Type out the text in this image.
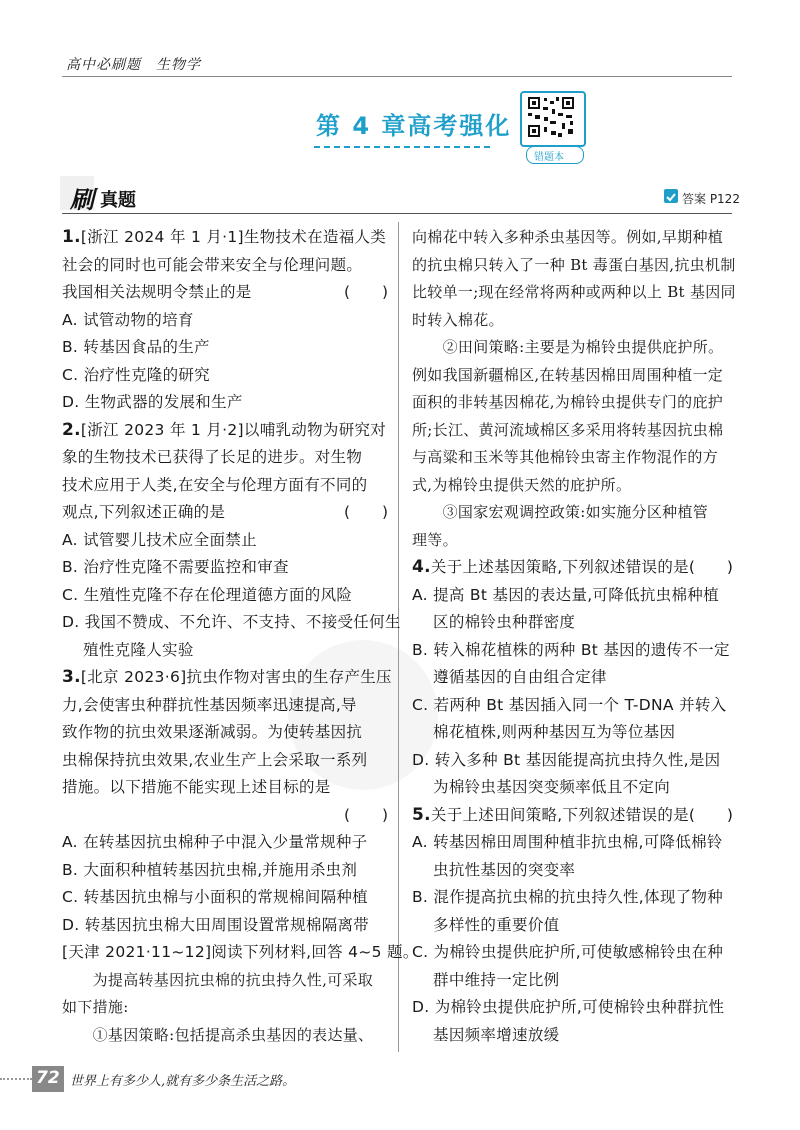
高中必刷题　生物学
第 4 章高考强化
错题本
刷 真题	答案 P122
1.[浙江 2024 年 1 月·1]生物技术在造福人类
社会的同时也可能会带来安全与伦理问题。
我国相关法规明令禁止的是	(　　)
A. 试管动物的培育
B. 转基因食品的生产
C. 治疗性克隆的研究
D. 生物武器的发展和生产
2.[浙江 2023 年 1 月·2]以哺乳动物为研究对
象的生物技术已获得了长足的进步。对生物
技术应用于人类,在安全与伦理方面有不同的
观点,下列叙述正确的是	(　　)
A. 试管婴儿技术应全面禁止
B. 治疗性克隆不需要监控和审查
C. 生殖性克隆不存在伦理道德方面的风险
D. 我国不赞成、不允许、不支持、不接受任何生
　 殖性克隆人实验
3.[北京 2023·6]抗虫作物对害虫的生存产生压
力,会使害虫种群抗性基因频率迅速提高,导
致作物的抗虫效果逐渐减弱。为使转基因抗
虫棉保持抗虫效果,农业生产上会采取一系列
措施。以下措施不能实现上述目标的是
(　　)
A. 在转基因抗虫棉种子中混入少量常规种子
B. 大面积种植转基因抗虫棉,并施用杀虫剂
C. 转基因抗虫棉与小面积的常规棉间隔种植
D. 转基因抗虫棉大田周围设置常规棉隔离带
[天津 2021·11~12]阅读下列材料,回答 4~5 题。
　　为提高转基因抗虫棉的抗虫持久性,可采取
如下措施:
　　①基因策略:包括提高杀虫基因的表达量、
向棉花中转入多种杀虫基因等。例如,早期种植
的抗虫棉只转入了一种 Bt 毒蛋白基因,抗虫机制
比较单一;现在经常将两种或两种以上 Bt 基因同
时转入棉花。
　　②田间策略:主要是为棉铃虫提供庇护所。
例如我国新疆棉区,在转基因棉田周围种植一定
面积的非转基因棉花,为棉铃虫提供专门的庇护
所;长江、黄河流域棉区多采用将转基因抗虫棉
与高粱和玉米等其他棉铃虫寄主作物混作的方
式,为棉铃虫提供天然的庇护所。
　　③国家宏观调控政策:如实施分区种植管
理等。
4.关于上述基因策略,下列叙述错误的是(　　)
A. 提高 Bt 基因的表达量,可降低抗虫棉种植
　 区的棉铃虫种群密度
B. 转入棉花植株的两种 Bt 基因的遗传不一定
　 遵循基因的自由组合定律
C. 若两种 Bt 基因插入同一个 T-DNA 并转入
　 棉花植株,则两种基因互为等位基因
D. 转入多种 Bt 基因能提高抗虫持久性,是因
　 为棉铃虫基因突变频率低且不定向
5.关于上述田间策略,下列叙述错误的是(　　)
A. 转基因棉田周围种植非抗虫棉,可降低棉铃
　 虫抗性基因的突变率
B. 混作提高抗虫棉的抗虫持久性,体现了物种
　 多样性的重要价值
C. 为棉铃虫提供庇护所,可使敏感棉铃虫在种
　 群中维持一定比例
D. 为棉铃虫提供庇护所,可使棉铃虫种群抗性
　 基因频率增速放缓
72 世界上有多少人,就有多少条生活之路。
